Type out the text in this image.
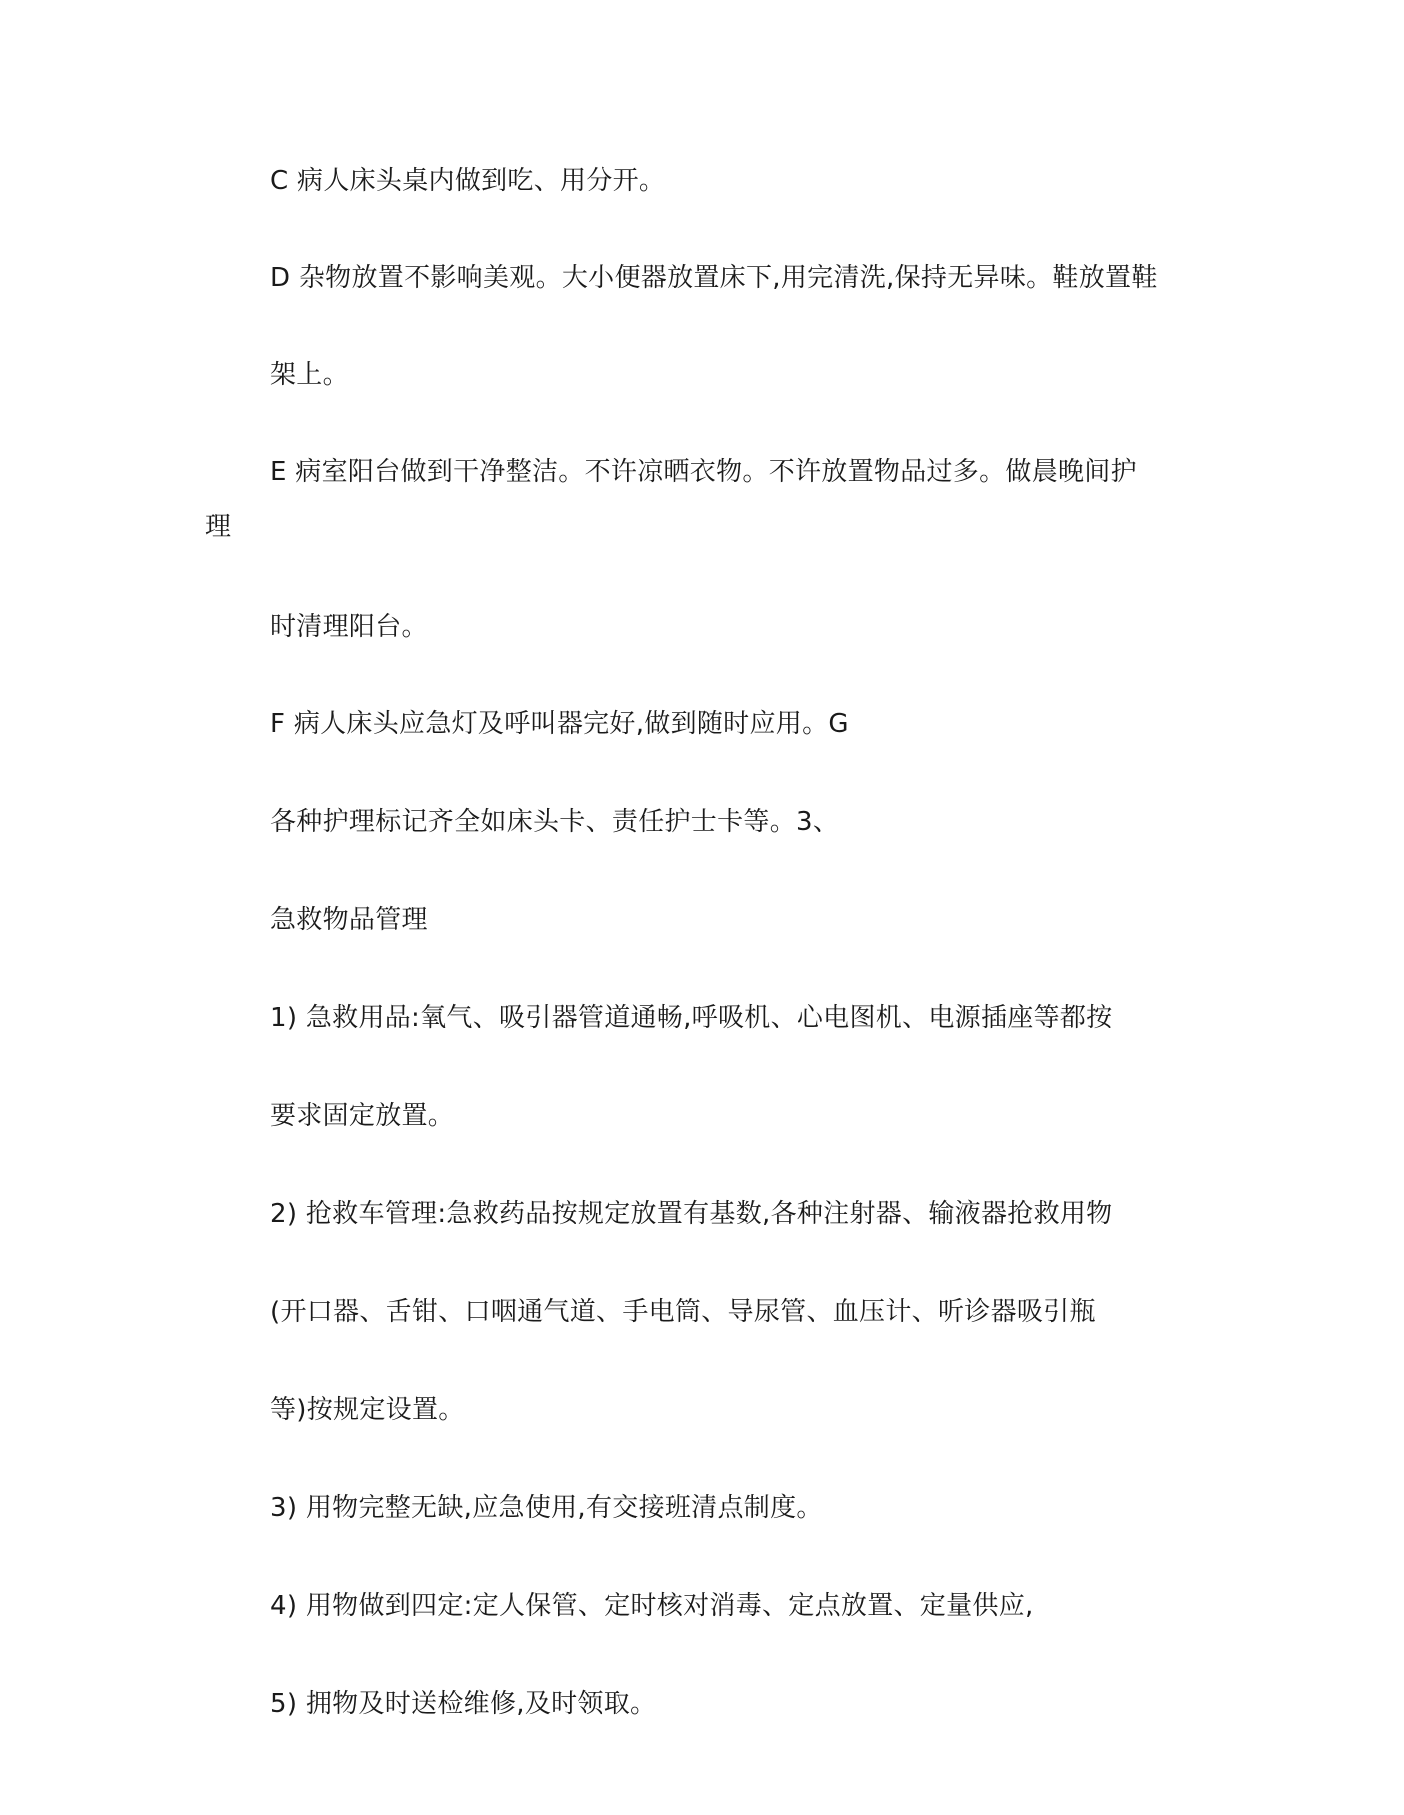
C 病人床头桌内做到吃、用分开。
D 杂物放置不影响美观。大小便器放置床下,用完清洗,保持无异味。鞋放置鞋
架上。
E 病室阳台做到干净整洁。不许凉晒衣物。不许放置物品过多。做晨晚间护
理
时清理阳台。
F 病人床头应急灯及呼叫器完好,做到随时应用。G
各种护理标记齐全如床头卡、责任护士卡等。3、
急救物品管理
1) 急救用品:氧气、吸引器管道通畅,呼吸机、心电图机、电源插座等都按
要求固定放置。
2) 抢救车管理:急救药品按规定放置有基数,各种注射器、输液器抢救用物
(开口器、舌钳、口咽通气道、手电筒、导尿管、血压计、听诊器吸引瓶
等)按规定设置。
3) 用物完整无缺,应急使用,有交接班清点制度。
4) 用物做到四定:定人保管、定时核对消毒、定点放置、定量供应,
5) 拥物及时送检维修,及时领取。
